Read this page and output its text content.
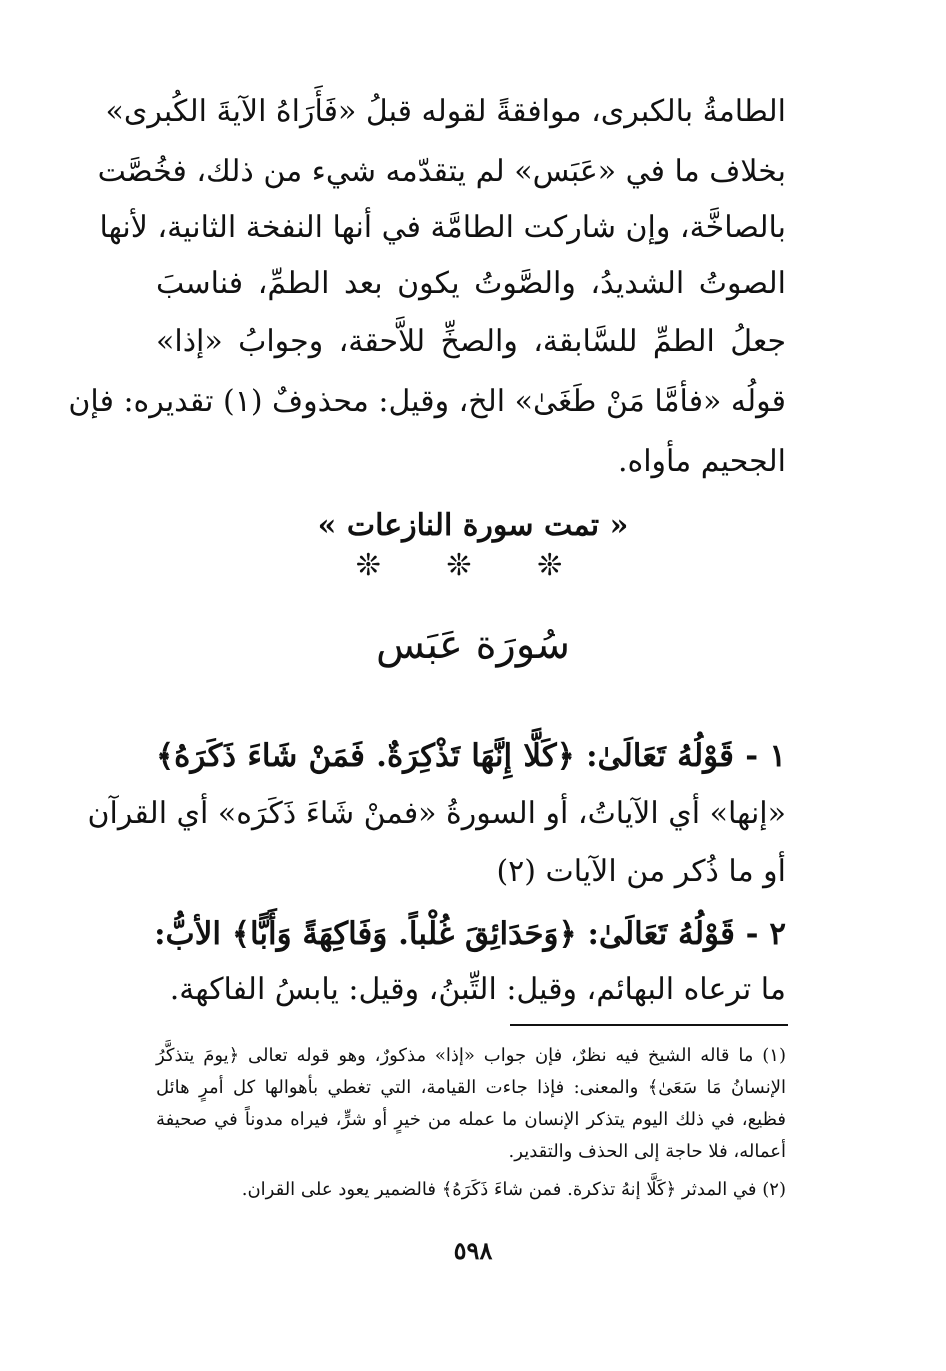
الطامةُ بالكبرى، موافقةً لقوله قبلُ «فَأَرَاهُ الآيةَ الكُبرى»
بخلاف ما في «عَبَس» لم يتقدّمه شيء من ذلك، فخُصَّت
بالصاخَّة، وإن شاركت الطامَّة في أنها النفخة الثانية، لأنها
الصوتُ الشديدُ، والصَّوتُ يكون بعد الطمِّ، فناسبَ
جعلُ الطمِّ للسَّابقة، والصخِّ للاَّحقة، وجوابُ «إذا»
قولُه «فأمَّا مَنْ طَغَىٰ» الخ، وقيل: محذوفٌ (١) تقديره: فإن
الجحيم مأواه.
« تمت سورة النازعات »
❊ ❊ ❊
سُورَة عَبَس
١ - قَوْلُهُ تَعَالَىٰ: ﴿كَلَّا إِنَّهَا تَذْكِرَةٌ. فَمَنْ شَاءَ ذَكَرَهُ﴾
«إنها» أي الآياتُ، أو السورةُ «فمنْ شَاءَ ذَكَرَه» أي القرآن
أو ما ذُكر من الآيات (٢)
٢ - قَوْلُهُ تَعَالَىٰ: ﴿وَحَدَائِقَ غُلْباً. وَفَاكِهَةً وَأَبًّا﴾ الأبُّ:
ما ترعاه البهائم، وقيل: التِّبنُ، وقيل: يابسُ الفاكهة.
(١) ما قاله الشيخ فيه نظرٌ، فإن جواب «إذا» مذكورٌ، وهو قوله تعالى ﴿يومَ يتذكَّرُ
الإنسانُ مَا سَعَىٰ﴾ والمعنى: فإذا جاءت القيامة، التي تغطي بأهوالها كل أمرٍ هائل
فظيع، في ذلك اليوم يتذكر الإنسان ما عمله من خيرٍ أو شرٍّ، فيراه مدوناً في صحيفة
أعماله، فلا حاجة إلى الحذف والتقدير.
(٢) في المدثر ﴿كَلَّا إنهُ تذكرة. فمن شاءَ ذَكَرَهُ﴾ فالضمير يعود على القران.
٥٩٨
